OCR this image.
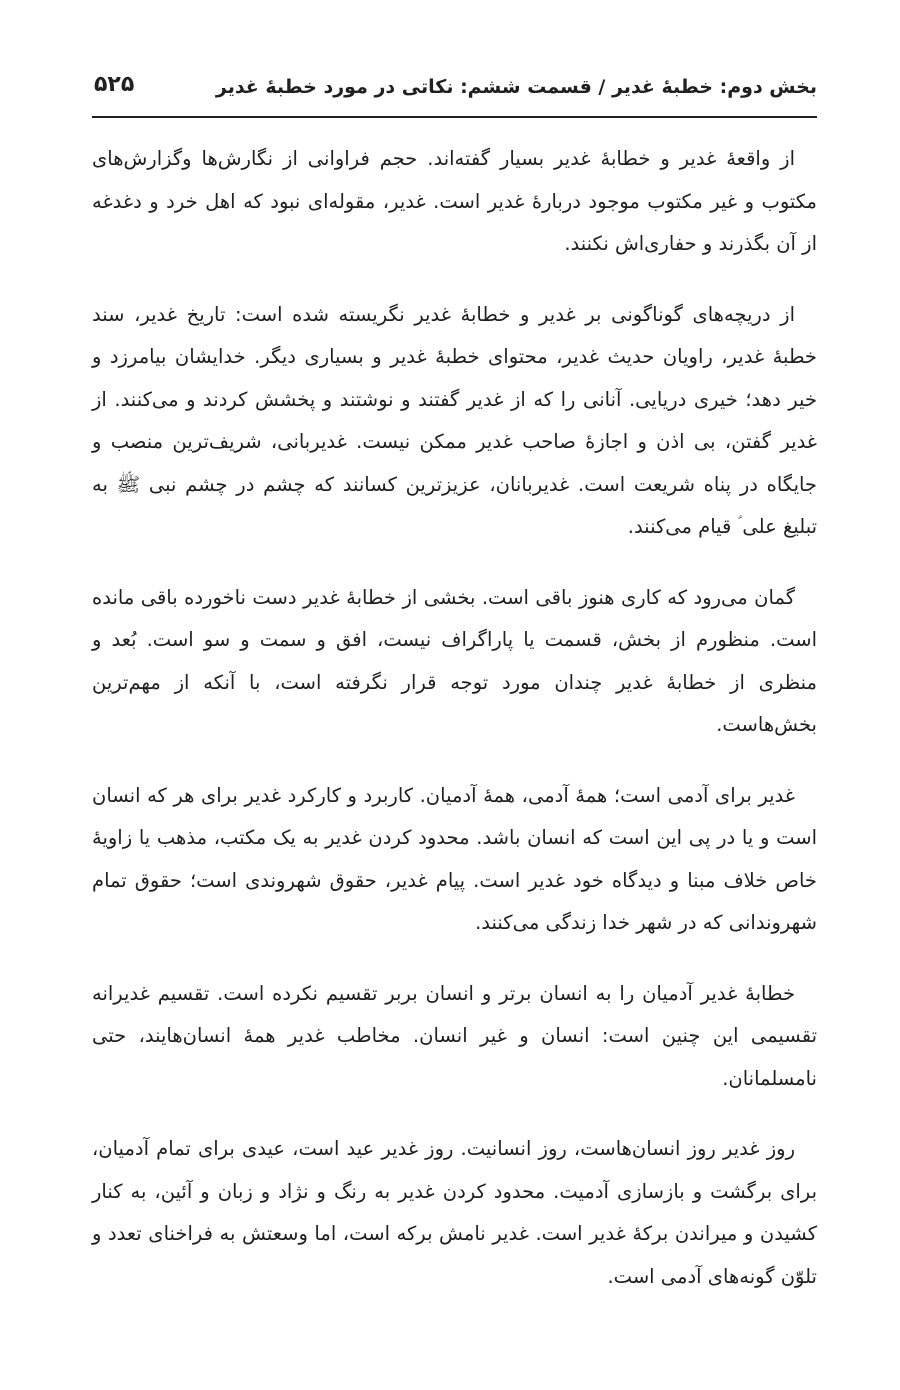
بخش دوم: خطبهٔ غدیر / قسمت ششم: نکاتی در مورد خطبهٔ غدیر
۵۲۵

از واقعهٔ غدیر و خطابهٔ غدیر بسیار گفته‌اند. حجم فراوانی از نگارش‌ها وگزارش‌های مکتوب و غیر مکتوب موجود دربارهٔ غدیر است. غدیر، مقوله‌ای نبود که اهل خرد و دغدغه از آن بگذرند و حفاری‌اش نکنند.

از دریچه‌های گوناگونی بر غدیر و خطابهٔ غدیر نگریسته شده است: تاریخ غدیر، سند خطبهٔ غدیر، راویان حدیث غدیر، محتوای خطبهٔ غدیر و بسیاری دیگر. خدایشان بیامرزد و خیر دهد؛ خیری دریایی. آنانی را که از غدیر گفتند و نوشتند و پخشش کردند و می‌کنند. از غدیر گفتن، بی اذن و اجازهٔ صاحب غدیر ممکن نیست. غدیربانی، شریف‌ترین منصب و جایگاه در پناه شریعت است. غدیربانان، عزیزترین کسانند که چشم در چشم نبی ﷺ به تبلیغ علی ؑ قیام می‌کنند.

گمان می‌رود که کاری هنوز باقی است. بخشی از خطابهٔ غدیر دست ناخورده باقی مانده است. منظورم از بخش، قسمت یا پاراگراف نیست، افق و سمت و سو است. بُعد و منظری از خطابهٔ غدیر چندان مورد توجه قرار نگرفته است، با آنکه از مهم‌ترین بخش‌هاست.

غدیر برای آدمی است؛ همهٔ آدمی، همهٔ آدمیان. کاربرد و کارکرد غدیر برای هر که انسان است و یا در پی این است که انسان باشد. محدود کردن غدیر به یک مکتب، مذهب یا زاویهٔ خاص خلاف مبنا و دیدگاه خود غدیر است. پیام غدیر، حقوق شهروندی است؛ حقوق تمام شهروندانی که در شهر خدا زندگی می‌کنند.

خطابهٔ غدیر آدمیان را به انسان برتر و انسان بربر تقسیم نکرده است. تقسیم غدیرانه تقسیمی این چنین است: انسان و غیر انسان. مخاطب غدیر همهٔ انسان‌هایند، حتی نامسلمانان.

روز غدیر روز انسان‌هاست، روز انسانیت. روز غدیر عید است، عیدی برای تمام آدمیان، برای برگشت و بازسازی آدمیت. محدود کردن غدیر به رنگ و نژاد و زبان و آئین، به کنار کشیدن و میراندن برکهٔ غدیر است. غدیر نامش برکه است، اما وسعتش به فراخنای تعدد و تلوّن گونه‌های آدمی است.
